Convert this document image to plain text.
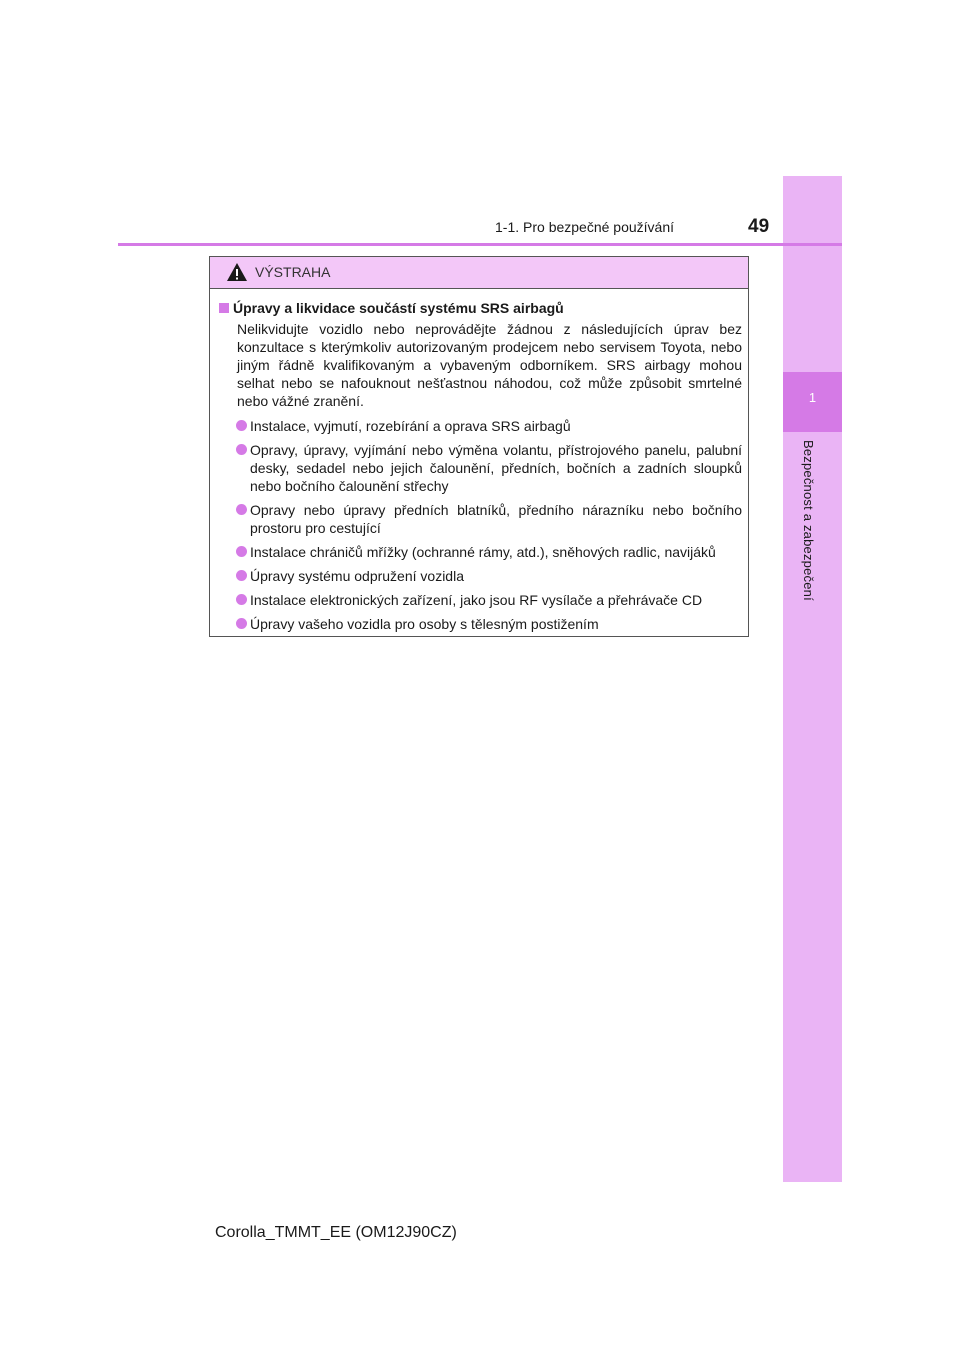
1
Bezpečnost a zabezpečení
1-1. Pro bezpečné používání	49
VÝSTRAHA
Úpravy a likvidace součástí systému SRS airbagů
Nelikvidujte vozidlo nebo neprovádějte žádnou z následujících úprav bez konzultace s kterýmkoliv autorizovaným prodejcem nebo servisem Toyota, nebo jiným řádně kvalifikovaným a vybaveným odborníkem. SRS airbagy mohou selhat nebo se nafouknout nešťastnou náhodou, což může způsobit smrtelné nebo vážné zranění.
Instalace, vyjmutí, rozebírání a oprava SRS airbagů
Opravy, úpravy, vyjímání nebo výměna volantu, přístrojového panelu, palubní desky, sedadel nebo jejich čalounění, předních, bočních a zadních sloupků nebo bočního čalounění střechy
Opravy nebo úpravy předních blatníků, předního nárazníku nebo bočního prostoru pro cestující
Instalace chráničů mřížky (ochranné rámy, atd.), sněhových radlic, navijáků
Úpravy systému odpružení vozidla
Instalace elektronických zařízení, jako jsou RF vysílače a přehrávače CD
Úpravy vašeho vozidla pro osoby s tělesným postižením
Corolla_TMMT_EE (OM12J90CZ)
